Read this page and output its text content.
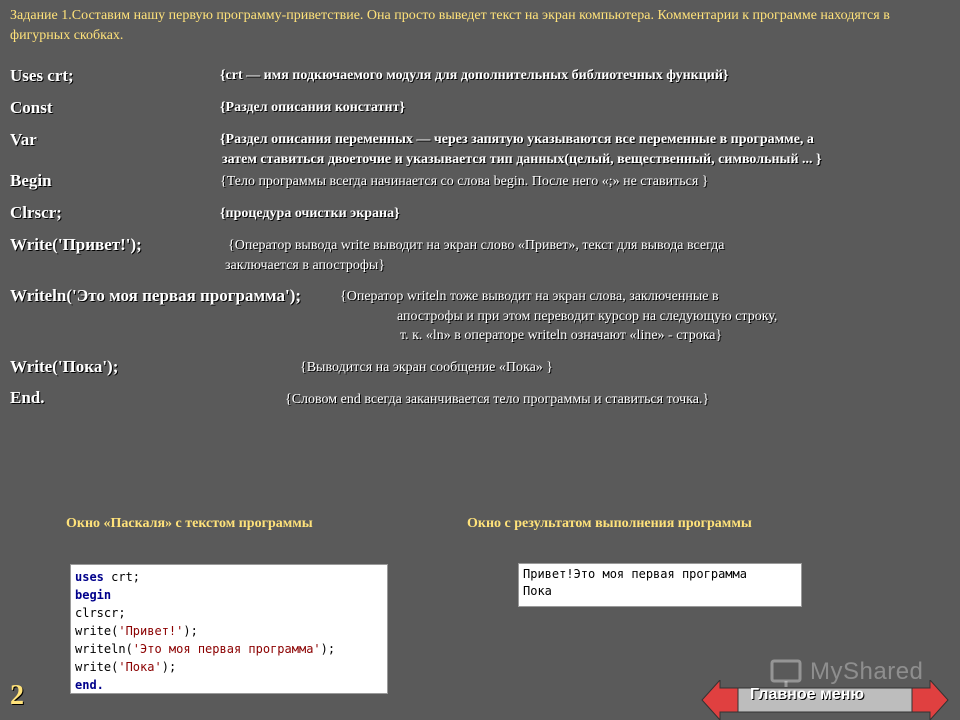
Задание 1.Составим нашу первую программу-приветствие. Она просто выведет текст на экран компьютера. Комментарии к программе находятся в фигурных скобках.
Uses crt;	{crt — имя подкючаемого модуля для дополнительных библиотечных функций}
Const	{Раздел описания констатнт}
Var	{Раздел описания переменных — через запятую указываются все переменные в программе, а
затем ставиться двоеточие и указывается тип данных(целый, вещественный, символьный ... }
Begin	{Тело программы всегда начинается со слова begin. После него «;» не ставиться }
Clrscr;	{процедура очистки экрана}
Write('Привет!');	{Оператор вывода write выводит на экран слово «Привет», текст для вывода всегда
заключается в апострофы}
Writeln('Это моя первая программа');	{Оператор writeln тоже выводит на экран слова, заключенные в
апострофы и при этом переводит курсор на следующую строку,
т. к. «ln» в операторе writeln означают «line» - строка}
Write('Пока');	{Выводится на экран сообщение «Пока» }
End.	{Словом end всегда заканчивается тело программы и ставиться точка.}
Окно «Паскаля» с текстом программы	Окно с результатом выполнения программы
uses crt;
begin
clrscr;
write('Привет!');
writeln('Это моя первая программа');
write('Пока');
end.
Привет!Это моя первая программа
Пока
2
MyShared
Главное меню
